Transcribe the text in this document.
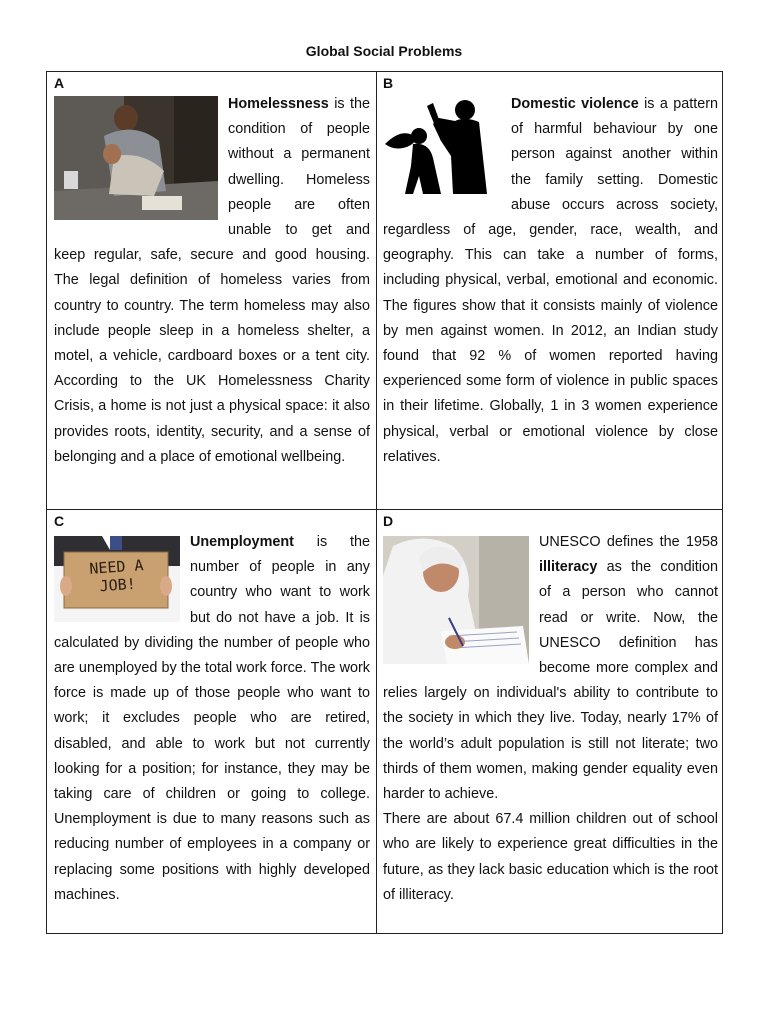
Global Social Problems
A
Homelessness is the condition of people without a permanent dwelling. Homeless people are often unable to get and keep regular, safe, secure and good housing. The legal definition of homeless varies from country to country. The term homeless may also include people sleep in a homeless shelter, a motel, a vehicle, cardboard boxes or a tent city. According to the UK Homelessness Charity Crisis, a home is not just a physical space: it also provides roots, identity, security, and a sense of belonging and a place of emotional wellbeing.
B
Domestic violence is a pattern of harmful behaviour by one person against another within the family setting. Domestic abuse occurs across society, regardless of age, gender, race, wealth, and geography. This can take a number of forms, including physical, verbal, emotional and economic. The figures show that it consists mainly of violence by men against women. In 2012, an Indian study found that 92 % of women reported having experienced some form of violence in public spaces in their lifetime. Globally, 1 in 3 women experience physical, verbal or emotional violence by close relatives.
C
NEED A JOB!
Unemployment is the number of people in any country who want to work but do not have a job. It is calculated by dividing the number of people who are unemployed by the total work force. The work force is made up of those people who want to work; it excludes people who are retired, disabled, and able to work but not currently looking for a position; for instance, they may be taking care of children or going to college. Unemployment is due to many reasons such as reducing number of employees in a company or replacing some positions with highly developed machines.
D
UNESCO defines the 1958 illiteracy as the condition of a person who cannot read or write. Now, the UNESCO definition has become more complex and relies largely on individual's ability to contribute to the society in which they live. Today, nearly 17% of the world’s adult population is still not literate; two thirds of them women, making gender equality even harder to achieve.
There are about 67.4 million children out of school who are likely to experience great difficulties in the future, as they lack basic education which is the root of illiteracy.
